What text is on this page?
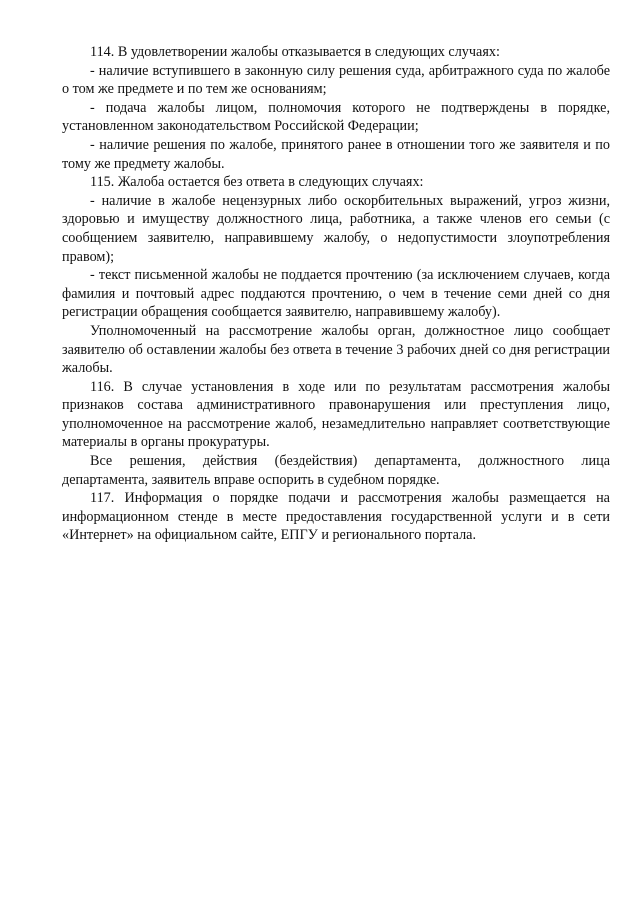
114. В удовлетворении жалобы отказывается в следующих случаях:

- наличие вступившего в законную силу решения суда, арбитражного суда по жалобе о том же предмете и по тем же основаниям;

- подача жалобы лицом, полномочия которого не подтверждены в порядке, установленном законодательством Российской Федерации;

- наличие решения по жалобе, принятого ранее в отношении того же заявителя и по тому же предмету жалобы.

115. Жалоба остается без ответа в следующих случаях:

- наличие в жалобе нецензурных либо оскорбительных выражений, угроз жизни, здоровью и имуществу должностного лица, работника, а также членов его семьи (с сообщением заявителю, направившему жалобу, о недопустимости злоупотребления правом);

- текст письменной жалобы не поддается прочтению (за исключением случаев, когда фамилия и почтовый адрес поддаются прочтению, о чем в течение семи дней со дня регистрации обращения сообщается заявителю, направившему жалобу).

Уполномоченный на рассмотрение жалобы орган, должностное лицо сообщает заявителю об оставлении жалобы без ответа в течение 3 рабочих дней со дня регистрации жалобы.

116. В случае установления в ходе или по результатам рассмотрения жалобы признаков состава административного правонарушения или преступления лицо, уполномоченное на рассмотрение жалоб, незамедлительно направляет соответствующие материалы в органы прокуратуры.

Все решения, действия (бездействия) департамента, должностного лица департамента, заявитель вправе оспорить в судебном порядке.

117. Информация о порядке подачи и рассмотрения жалобы размещается на информационном стенде в месте предоставления государственной услуги и в сети «Интернет» на официальном сайте, ЕПГУ и регионального портала.
